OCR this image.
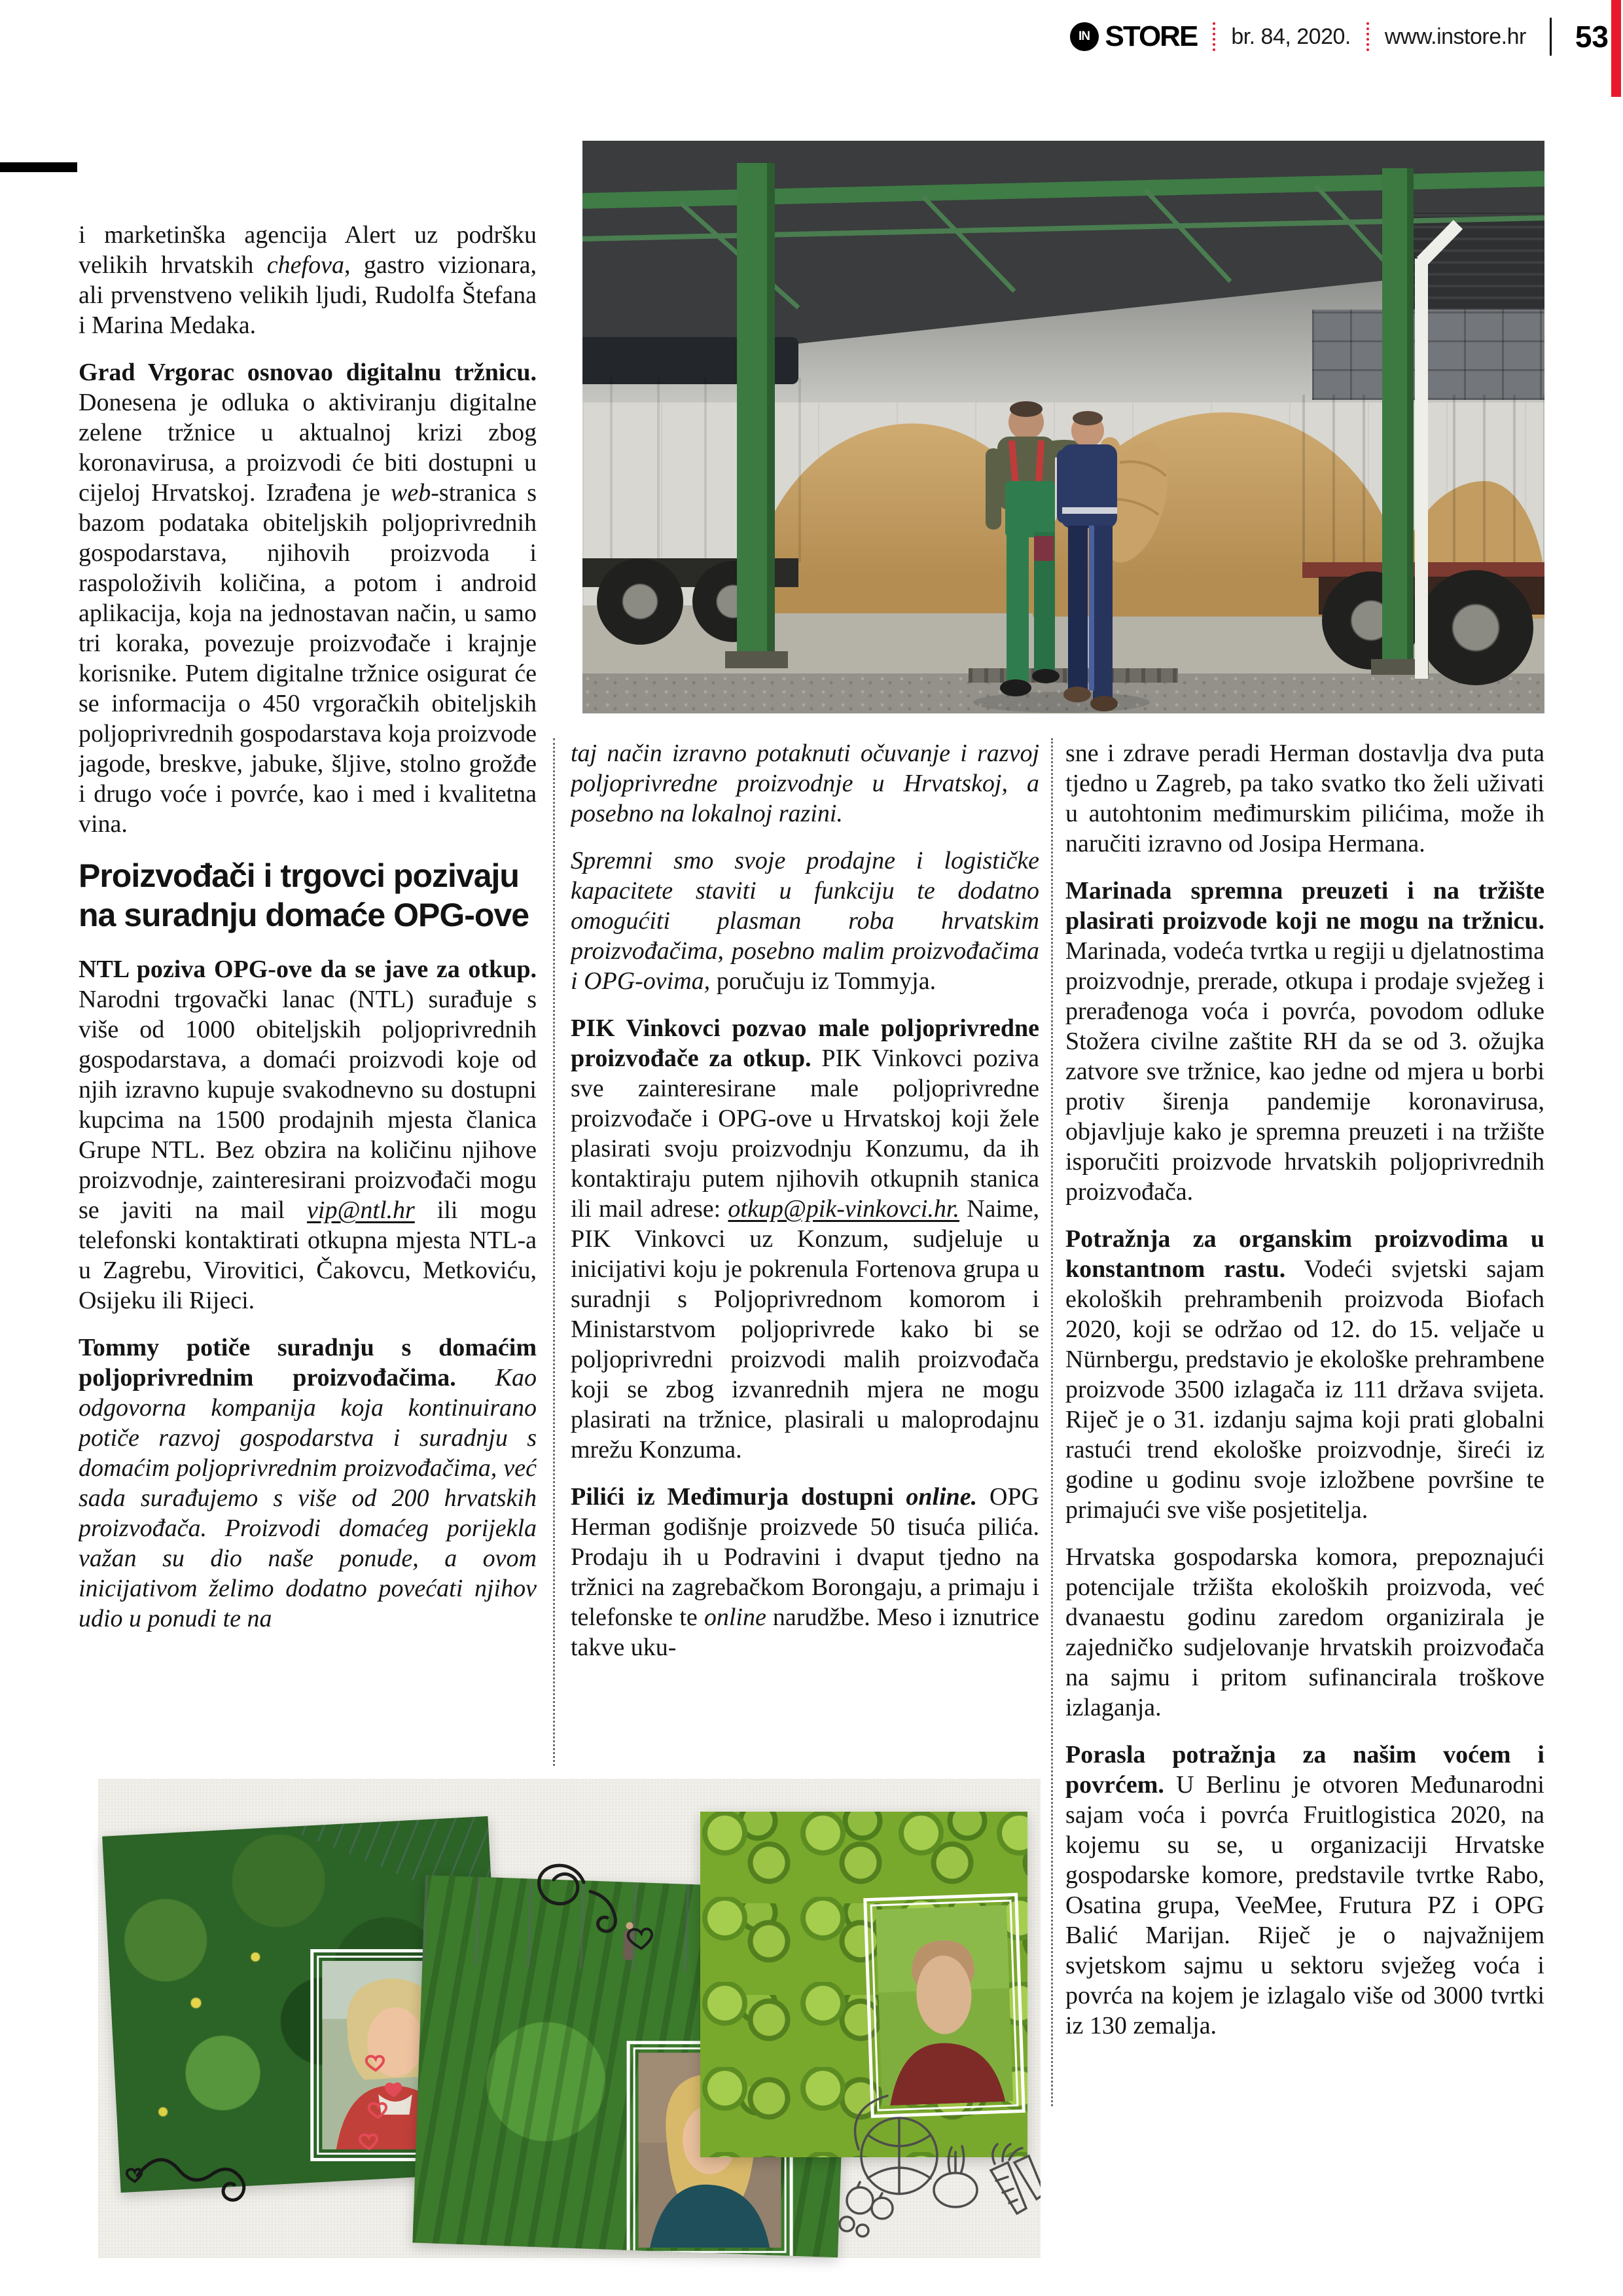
IN STORE br. 84, 2020. www.instore.hr 53

i marketinška agencija Alert uz podršku velikih hrvatskih chefova, gastro vizionara, ali prvenstveno velikih ljudi, Rudolfa Štefana i Marina Medaka.

Grad Vrgorac osnovao digitalnu tržnicu. Donesena je odluka o aktiviranju digitalne zelene tržnice u aktualnoj krizi zbog koronavirusa, a proizvodi će biti dostupni u cijeloj Hrvatskoj. Izrađena je web-stranica s bazom podataka obiteljskih poljoprivrednih gospodarstava, njihovih proizvoda i raspoloživih količina, a potom i android aplikacija, koja na jednostavan način, u samo tri koraka, povezuje proizvođače i krajnje korisnike. Putem digitalne tržnice osigurat će se informacija o 450 vrgoračkih obiteljskih poljoprivrednih gospodarstava koja proizvode jagode, breskve, jabuke, šljive, stolno grožđe i drugo voće i povrće, kao i med i kvalitetna vina.

Proizvođači i trgovci pozivaju na suradnju domaće OPG-ove

NTL poziva OPG-ove da se jave za otkup. Narodni trgovački lanac (NTL) surađuje s više od 1000 obiteljskih poljoprivrednih gospodarstava, a domaći proizvodi koje od njih izravno kupuje svakodnevno su dostupni kupcima na 1500 prodajnih mjesta članica Grupe NTL. Bez obzira na količinu njihove proizvodnje, zainteresirani proizvođači mogu se javiti na mail vip@ntl.hr ili mogu telefonski kontaktirati otkupna mjesta NTL-a u Zagrebu, Virovitici, Čakovcu, Metkoviću, Osijeku ili Rijeci.

Tommy potiče suradnju s domaćim poljoprivrednim proizvođačima. Kao odgovorna kompanija koja kontinuirano potiče razvoj gospodarstva i suradnju s domaćim poljoprivrednim proizvođačima, već sada surađujemo s više od 200 hrvatskih proizvođača. Proizvodi domaćeg porijekla važan su dio naše ponude, a ovom inicijativom želimo dodatno povećati njihov udio u ponudi te na

taj način izravno potaknuti očuvanje i razvoj poljoprivredne proizvodnje u Hrvatskoj, a posebno na lokalnoj razini.

Spremni smo svoje prodajne i logističke kapacitete staviti u funkciju te dodatno omogućiti plasman roba hrvatskim proizvođačima, posebno malim proizvođačima i OPG-ovima, poručuju iz Tommyja.

PIK Vinkovci pozvao male poljoprivredne proizvođače za otkup. PIK Vinkovci poziva sve zainteresirane male poljoprivredne proizvođače i OPG-ove u Hrvatskoj koji žele plasirati svoju proizvodnju Konzumu, da ih kontaktiraju putem njihovih otkupnih stanica ili mail adrese: otkup@pik-vinkovci.hr. Naime, PIK Vinkovci uz Konzum, sudjeluje u inicijativi koju je pokrenula Fortenova grupa u suradnji s Poljoprivrednom komorom i Ministarstvom poljoprivrede kako bi se poljoprivredni proizvodi malih proizvođača koji se zbog izvanrednih mjera ne mogu plasirati na tržnice, plasirali u maloprodajnu mrežu Konzuma.

Pilići iz Međimurja dostupni online. OPG Herman godišnje proizvede 50 tisuća pilića. Prodaju ih u Podravini i dvaput tjedno na tržnici na zagrebačkom Borongaju, a primaju i telefonske te online narudžbe. Meso i iznutrice takve uku-

sne i zdrave peradi Herman dostavlja dva puta tjedno u Zagreb, pa tako svatko tko želi uživati u autohtonim međimurskim pilićima, može ih naručiti izravno od Josipa Hermana.

Marinada spremna preuzeti i na tržište plasirati proizvode koji ne mogu na tržnicu. Marinada, vodeća tvrtka u regiji u djelatnostima proizvodnje, prerade, otkupa i prodaje svježeg i prerađenoga voća i povrća, povodom odluke Stožera civilne zaštite RH da se od 3. ožujka zatvore sve tržnice, kao jedne od mjera u borbi protiv širenja pandemije koronavirusa, objavljuje kako je spremna preuzeti i na tržište isporučiti proizvode hrvatskih poljoprivrednih proizvođača.

Potražnja za organskim proizvodima u konstantnom rastu. Vodeći svjetski sajam ekoloških prehrambenih proizvoda Biofach 2020, koji se održao od 12. do 15. veljače u Nürnbergu, predstavio je ekološke prehrambene proizvode 3500 izlagača iz 111 država svijeta. Riječ je o 31. izdanju sajma koji prati globalni rastući trend ekološke proizvodnje, šireći iz godine u godinu svoje izložbene površine te primajući sve više posjetitelja.

Hrvatska gospodarska komora, prepoznajući potencijale tržišta ekoloških proizvoda, već dvanaestu godinu zaredom organizirala je zajedničko sudjelovanje hrvatskih proizvođača na sajmu i pritom sufinancirala troškove izlaganja.

Porasla potražnja za našim voćem i povrćem. U Berlinu je otvoren Međunarodni sajam voća i povrća Fruitlogistica 2020, na kojemu su se, u organizaciji Hrvatske gospodarske komore, predstavile tvrtke Rabo, Osatina grupa, VeeMee, Frutura PZ i OPG Balić Marijan. Riječ je o najvažnijem svjetskom sajmu u sektoru svježeg voća i povrća na kojem je izlagalo više od 3000 tvrtki iz 130 zemalja.
